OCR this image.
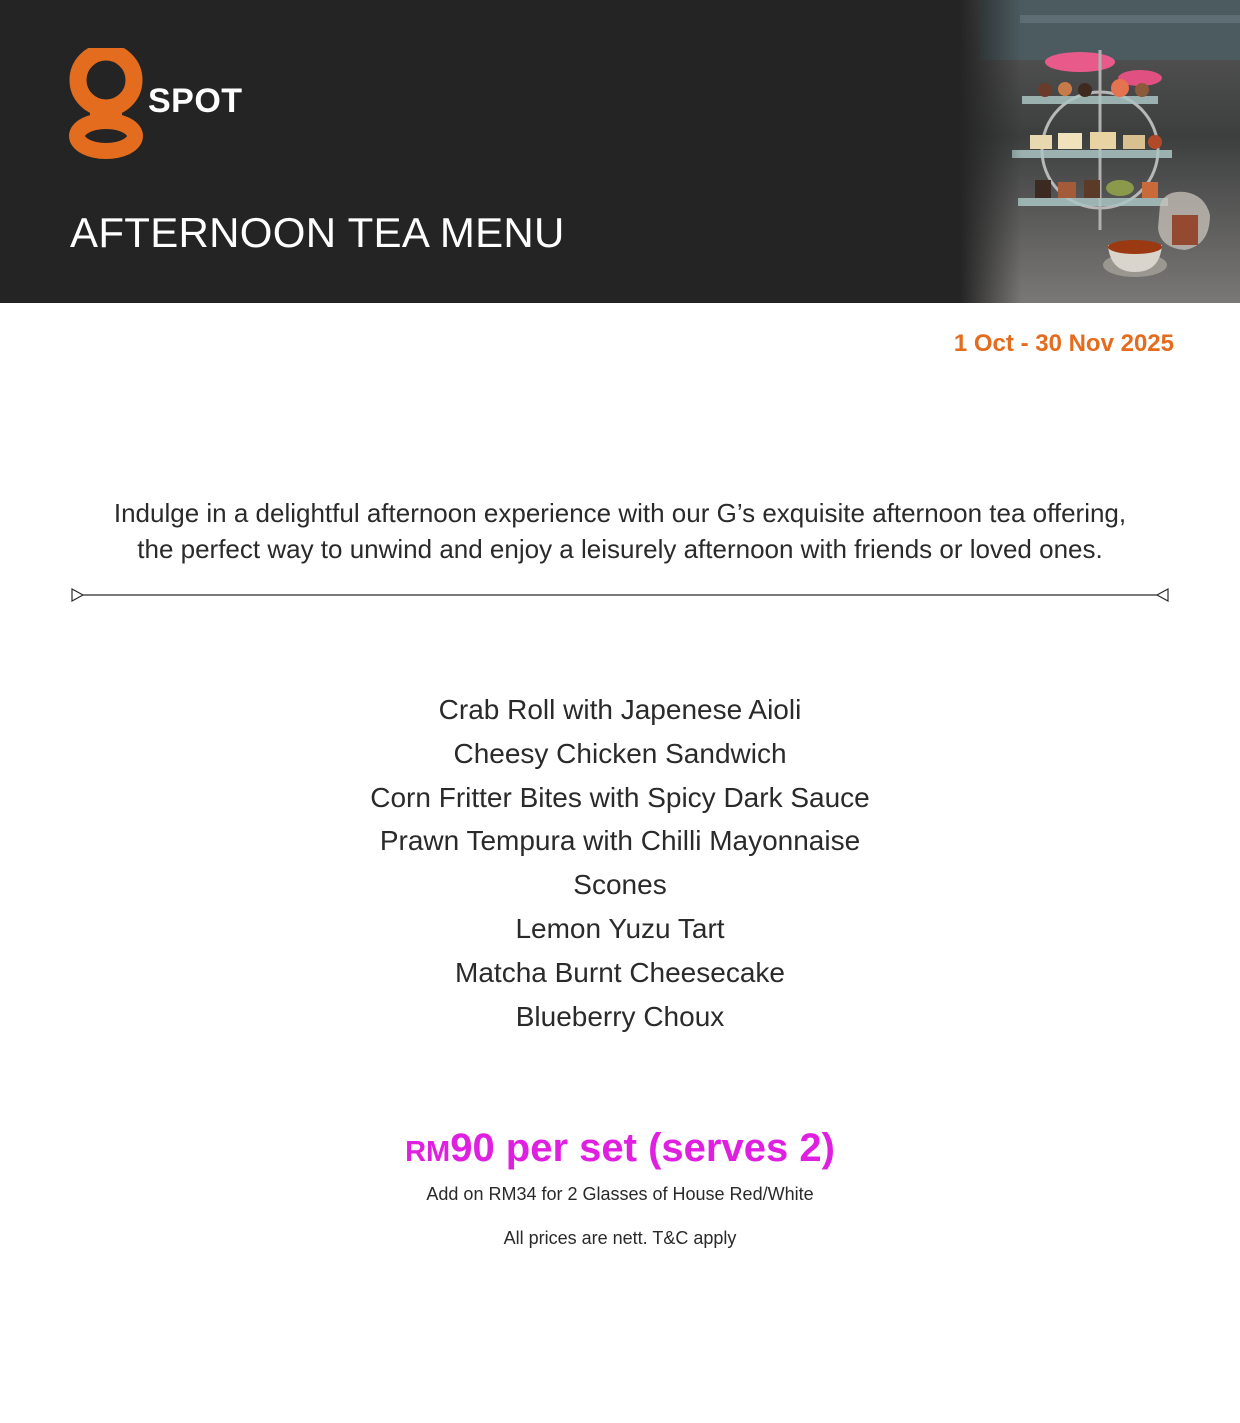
SPOT
AFTERNOON TEA MENU

1 Oct - 30 Nov 2025

Indulge in a delightful afternoon experience with our G’s exquisite afternoon tea offering,
the perfect way to unwind and enjoy a leisurely afternoon with friends or loved ones.

Crab Roll with Japenese Aioli
Cheesy Chicken Sandwich
Corn Fritter Bites with Spicy Dark Sauce
Prawn Tempura with Chilli Mayonnaise
Scones
Lemon Yuzu Tart
Matcha Burnt Cheesecake
Blueberry Choux

RM90 per set (serves 2)

Add on RM34 for 2 Glasses of House Red/White

All prices are nett. T&C apply
